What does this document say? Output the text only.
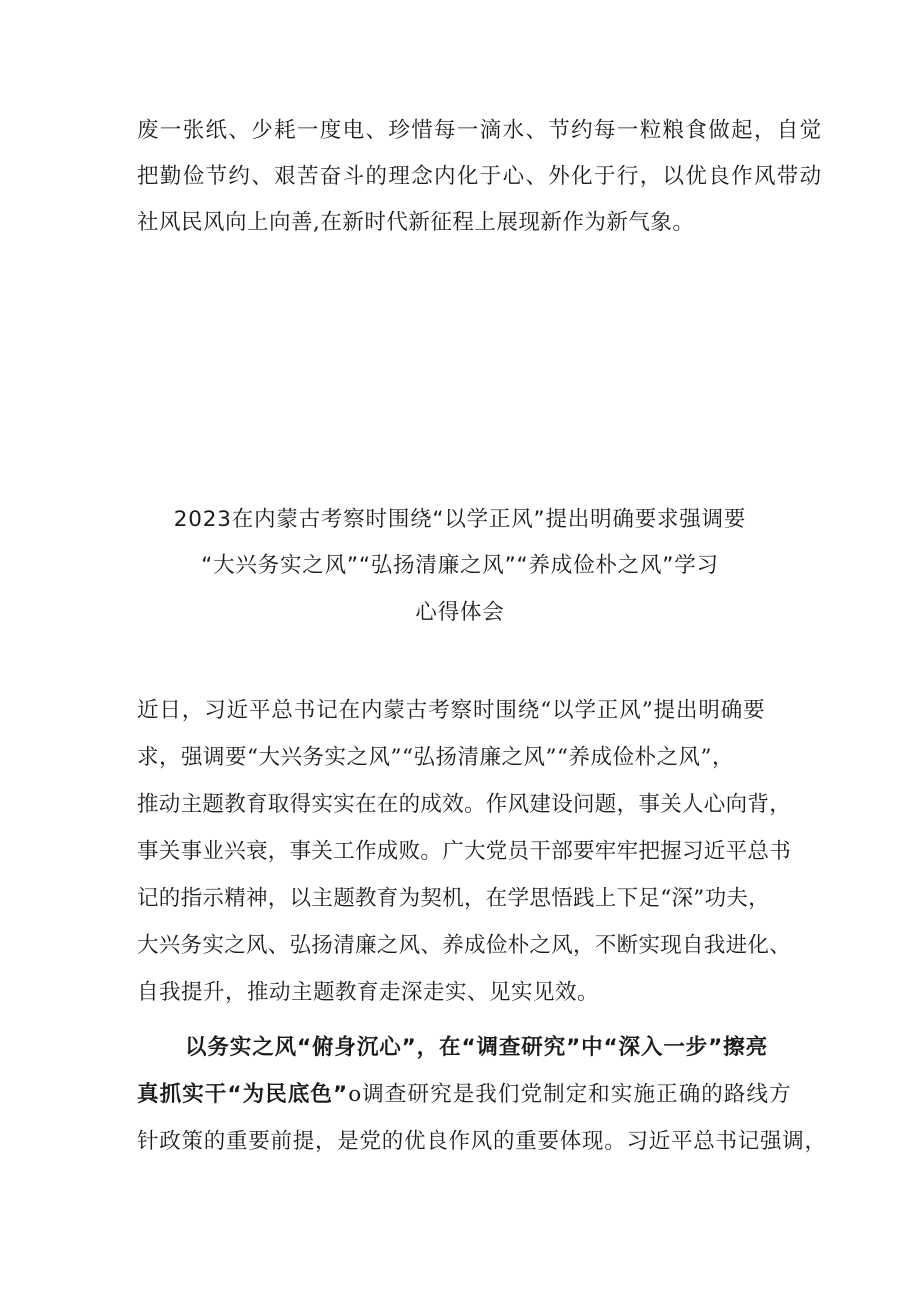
废一张纸、少耗一度电、珍惜每一滴水、节约每一粒粮食做起，自觉
把勤俭节约、艰苦奋斗的理念内化于心、外化于行，以优良作风带动
社风民风向上向善,在新时代新征程上展现新作为新气象。
2023在内蒙古考察时围绕“以学正风”提出明确要求强调要
“大兴务实之风”“弘扬清廉之风”“养成俭朴之风”学习
心得体会
近日，习近平总书记在内蒙古考察时围绕“以学正风”提出明确要
求，强调要“大兴务实之风”“弘扬清廉之风”“养成俭朴之风”，
推动主题教育取得实实在在的成效。作风建设问题，事关人心向背，
事关事业兴衰，事关工作成败。广大党员干部要牢牢把握习近平总书
记的指示精神，以主题教育为契机，在学思悟践上下足“深”功夫，
大兴务实之风、弘扬清廉之风、养成俭朴之风，不断实现自我进化、
自我提升，推动主题教育走深走实、见实见效。
以务实之风“俯身沉心”，在“调查研究”中“深入一步”擦亮
真抓实干“为民底色”o调查研究是我们党制定和实施正确的路线方
针政策的重要前提，是党的优良作风的重要体现。习近平总书记强调，
